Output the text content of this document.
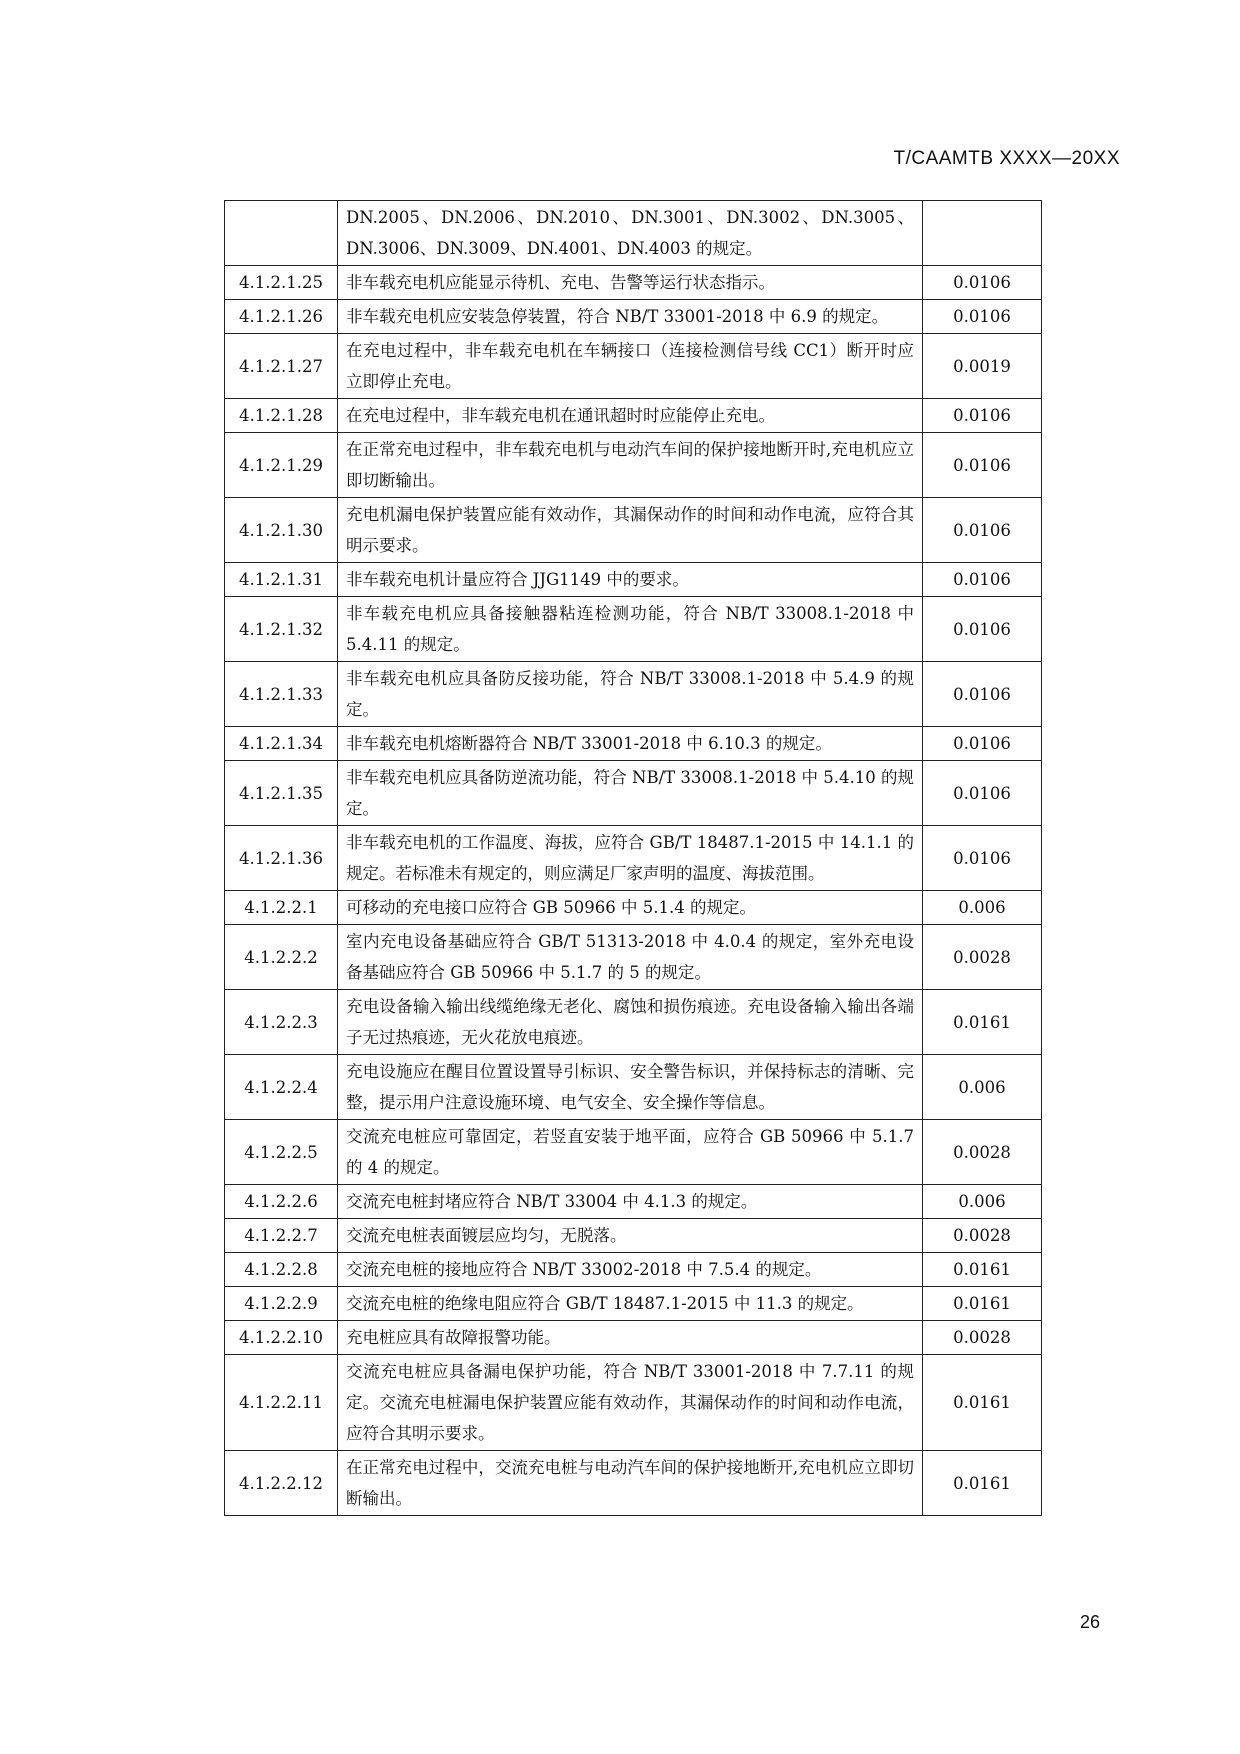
T/CAAMTB XXXX—20XX
	DN.2005、DN.2006、DN.2010、DN.3001、DN.3002、DN.3005、DN.3006、DN.3009、DN.4001、DN.4003 的规定。	
4.1.2.1.25	非车载充电机应能显示待机、充电、告警等运行状态指示。	0.0106
4.1.2.1.26	非车载充电机应安装急停装置，符合 NB/T 33001-2018 中 6.9 的规定。	0.0106
4.1.2.1.27	在充电过程中，非车载充电机在车辆接口（连接检测信号线 CC1）断开时应立即停止充电。	0.0019
4.1.2.1.28	在充电过程中，非车载充电机在通讯超时时应能停止充电。	0.0106
4.1.2.1.29	在正常充电过程中，非车载充电机与电动汽车间的保护接地断开时,充电机应立即切断输出。	0.0106
4.1.2.1.30	充电机漏电保护装置应能有效动作，其漏保动作的时间和动作电流，应符合其明示要求。	0.0106
4.1.2.1.31	非车载充电机计量应符合 JJG1149 中的要求。	0.0106
4.1.2.1.32	非车载充电机应具备接触器粘连检测功能，符合 NB/T 33008.1-2018 中 5.4.11 的规定。	0.0106
4.1.2.1.33	非车载充电机应具备防反接功能，符合 NB/T 33008.1-2018 中 5.4.9 的规定。	0.0106
4.1.2.1.34	非车载充电机熔断器符合 NB/T 33001-2018 中 6.10.3 的规定。	0.0106
4.1.2.1.35	非车载充电机应具备防逆流功能，符合 NB/T 33008.1-2018 中 5.4.10 的规定。	0.0106
4.1.2.1.36	非车载充电机的工作温度、海拔，应符合 GB/T 18487.1-2015 中 14.1.1 的规定。若标准未有规定的，则应满足厂家声明的温度、海拔范围。	0.0106
4.1.2.2.1	可移动的充电接口应符合 GB 50966 中 5.1.4 的规定。	0.006
4.1.2.2.2	室内充电设备基础应符合 GB/T 51313-2018 中 4.0.4 的规定，室外充电设备基础应符合 GB 50966 中 5.1.7 的 5 的规定。	0.0028
4.1.2.2.3	充电设备输入输出线缆绝缘无老化、腐蚀和损伤痕迹。充电设备输入输出各端子无过热痕迹，无火花放电痕迹。	0.0161
4.1.2.2.4	充电设施应在醒目位置设置导引标识、安全警告标识，并保持标志的清晰、完整，提示用户注意设施环境、电气安全、安全操作等信息。	0.006
4.1.2.2.5	交流充电桩应可靠固定，若竖直安装于地平面，应符合 GB 50966 中 5.1.7 的 4 的规定。	0.0028
4.1.2.2.6	交流充电桩封堵应符合 NB/T 33004 中 4.1.3 的规定。	0.006
4.1.2.2.7	交流充电桩表面镀层应均匀，无脱落。	0.0028
4.1.2.2.8	交流充电桩的接地应符合 NB/T 33002-2018 中 7.5.4 的规定。	0.0161
4.1.2.2.9	交流充电桩的绝缘电阻应符合 GB/T 18487.1-2015 中 11.3 的规定。	0.0161
4.1.2.2.10	充电桩应具有故障报警功能。	0.0028
4.1.2.2.11	交流充电桩应具备漏电保护功能，符合 NB/T 33001-2018 中 7.7.11 的规定。交流充电桩漏电保护装置应能有效动作，其漏保动作的时间和动作电流，应符合其明示要求。	0.0161
4.1.2.2.12	在正常充电过程中，交流充电桩与电动汽车间的保护接地断开,充电机应立即切断输出。	0.0161
26
